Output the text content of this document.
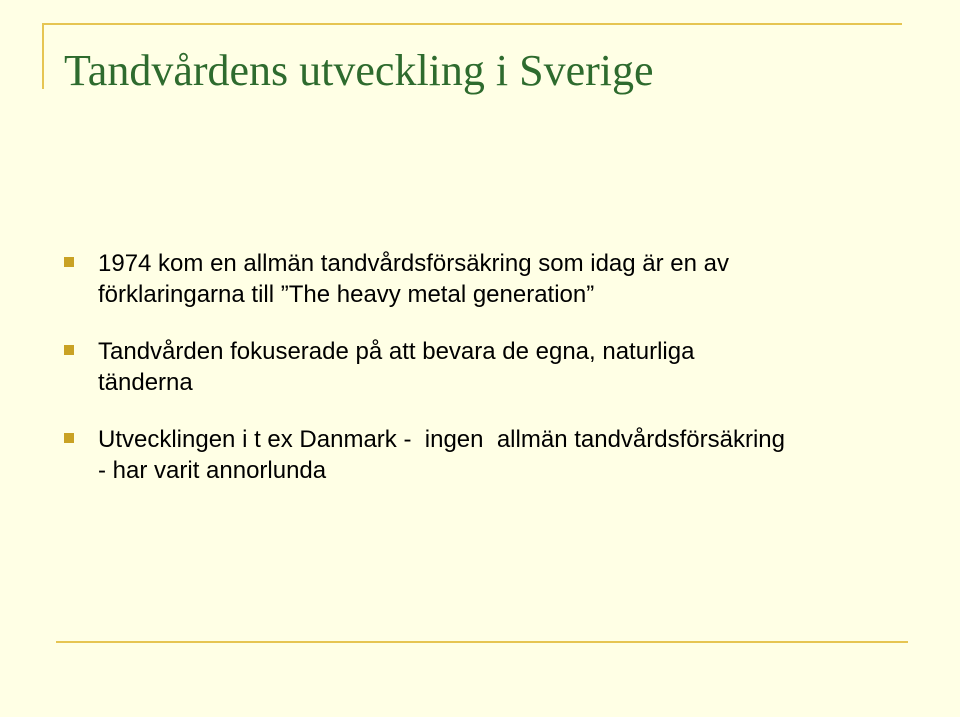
Tandvårdens utveckling i Sverige
1974 kom en allmän tandvårdsförsäkring som idag är en av
förklaringarna till ”The heavy metal generation”
Tandvården fokuserade på att bevara de egna, naturliga
tänderna
Utvecklingen i t ex Danmark -  ingen  allmän tandvårdsförsäkring
- har varit annorlunda
